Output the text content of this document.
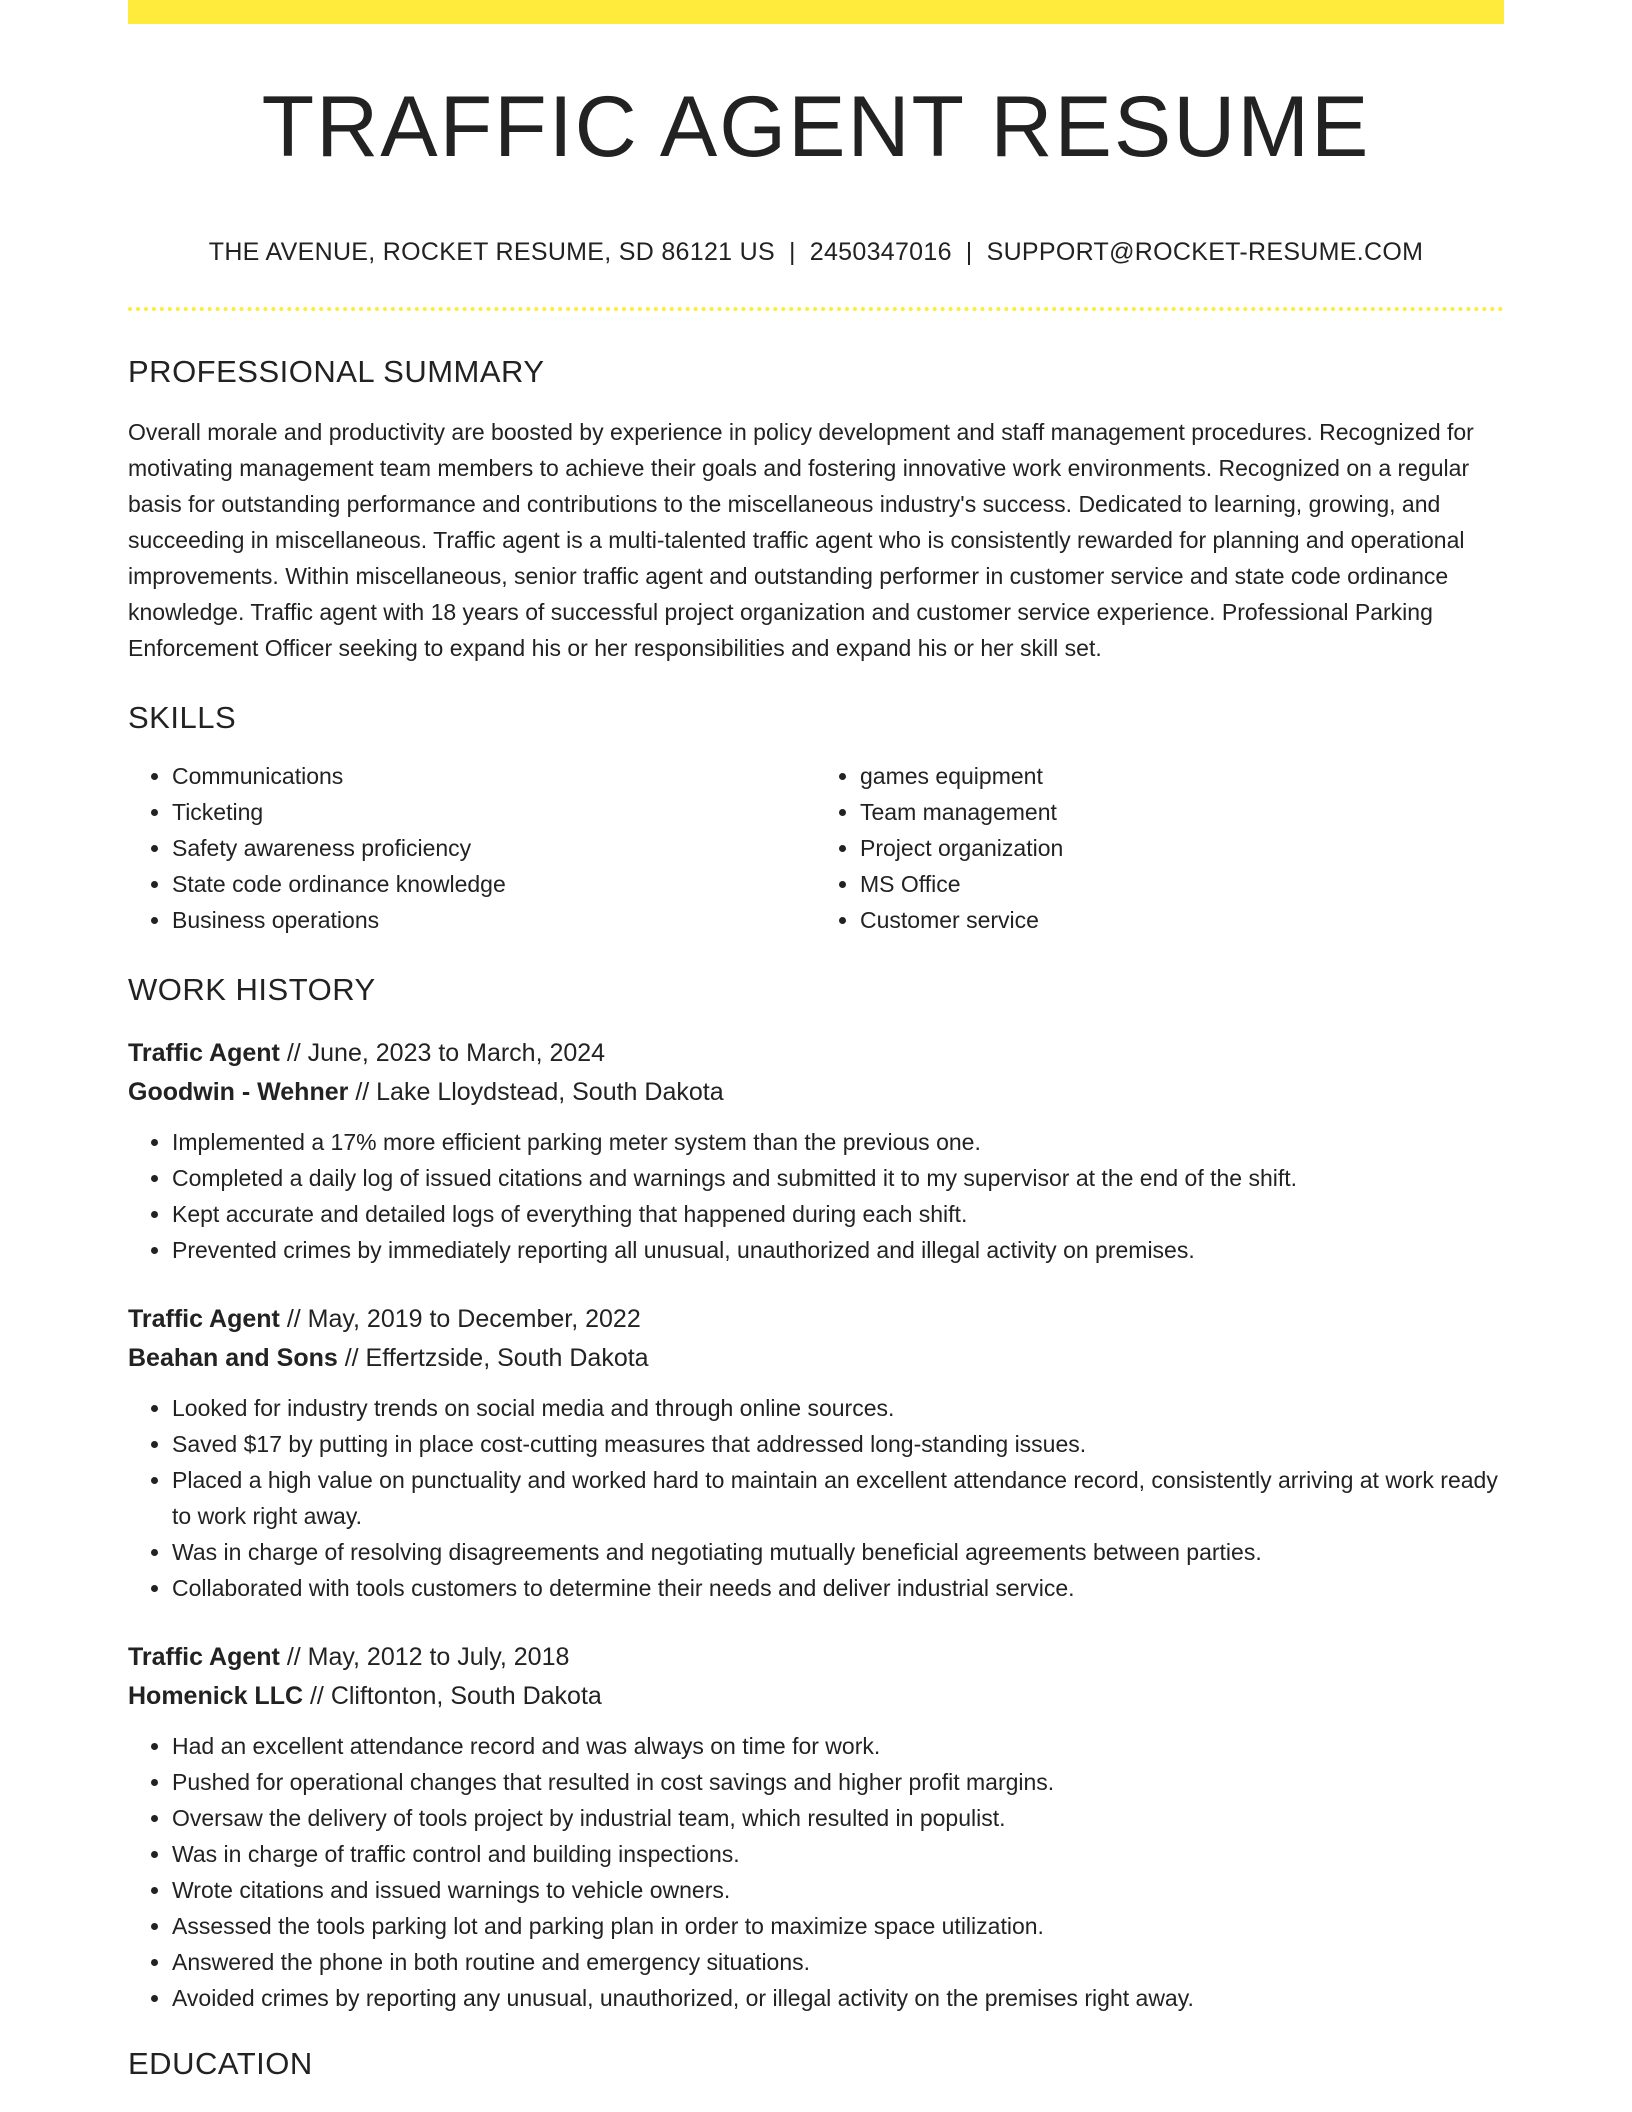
TRAFFIC AGENT RESUME
THE AVENUE, ROCKET RESUME, SD 86121 US | 2450347016 | SUPPORT@ROCKET-RESUME.COM
PROFESSIONAL SUMMARY

Overall morale and productivity are boosted by experience in policy development and staff management procedures. Recognized for motivating management team members to achieve their goals and fostering innovative work environments. Recognized on a regular basis for outstanding performance and contributions to the miscellaneous industry's success. Dedicated to learning, growing, and succeeding in miscellaneous. Traffic agent is a multi-talented traffic agent who is consistently rewarded for planning and operational improvements. Within miscellaneous, senior traffic agent and outstanding performer in customer service and state code ordinance knowledge. Traffic agent with 18 years of successful project organization and customer service experience. Professional Parking Enforcement Officer seeking to expand his or her responsibilities and expand his or her skill set.

SKILLS
• Communications
• Ticketing
• Safety awareness proficiency
• State code ordinance knowledge
• Business operations
• games equipment
• Team management
• Project organization
• MS Office
• Customer service
WORK HISTORY
Traffic Agent // June, 2023 to March, 2024
Goodwin - Wehner // Lake Lloydstead, South Dakota
• Implemented a 17% more efficient parking meter system than the previous one.
• Completed a daily log of issued citations and warnings and submitted it to my supervisor at the end of the shift.
• Kept accurate and detailed logs of everything that happened during each shift.
• Prevented crimes by immediately reporting all unusual, unauthorized and illegal activity on premises.
Traffic Agent // May, 2019 to December, 2022
Beahan and Sons // Effertzside, South Dakota
• Looked for industry trends on social media and through online sources.
• Saved $17 by putting in place cost-cutting measures that addressed long-standing issues.
• Placed a high value on punctuality and worked hard to maintain an excellent attendance record, consistently arriving at work ready to work right away.
• Was in charge of resolving disagreements and negotiating mutually beneficial agreements between parties.
• Collaborated with tools customers to determine their needs and deliver industrial service.
Traffic Agent // May, 2012 to July, 2018
Homenick LLC // Cliftonton, South Dakota
• Had an excellent attendance record and was always on time for work.
• Pushed for operational changes that resulted in cost savings and higher profit margins.
• Oversaw the delivery of tools project by industrial team, which resulted in populist.
• Was in charge of traffic control and building inspections.
• Wrote citations and issued warnings to vehicle owners.
• Assessed the tools parking lot and parking plan in order to maximize space utilization.
• Answered the phone in both routine and emergency situations.
• Avoided crimes by reporting any unusual, unauthorized, or illegal activity on the premises right away.
EDUCATION
